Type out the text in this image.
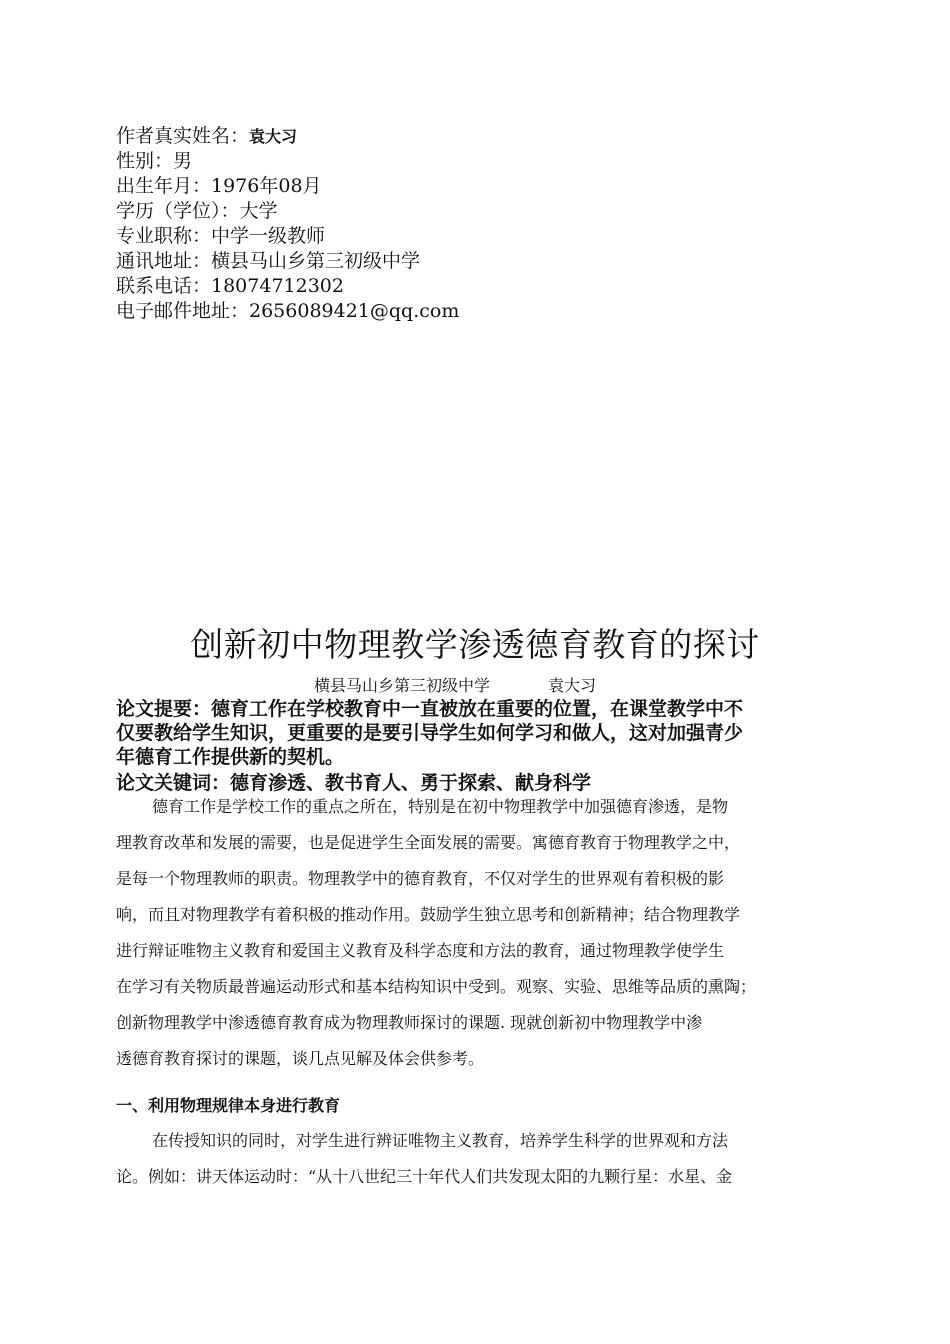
作者真实姓名：袁大习
性别：男
出生年月：1976年08月
学历（学位）：大学
专业职称：中学一级教师
通讯地址：横县马山乡第三初级中学
联系电话：18074712302
电子邮件地址：2656089421@qq.com
创新初中物理教学渗透德育教育的探讨
横县马山乡第三初级中学	袁大习
论文提要：德育工作在学校教育中一直被放在重要的位置，在课堂教学中不
仅要教给学生知识，更重要的是要引导学生如何学习和做人，这对加强青少
年德育工作提供新的契机。
论文关键词：德育渗透、教书育人、勇于探索、献身科学
德育工作是学校工作的重点之所在，特别是在初中物理教学中加强德育渗透，是物
理教育改革和发展的需要，也是促进学生全面发展的需要。寓德育教育于物理教学之中，
是每一个物理教师的职责。物理教学中的德育教育，不仅对学生的世界观有着积极的影
响，而且对物理教学有着积极的推动作用。鼓励学生独立思考和创新精神；结合物理教学
进行辩证唯物主义教育和爱国主义教育及科学态度和方法的教育，通过物理教学使学生
在学习有关物质最普遍运动形式和基本结构知识中受到。观察、实验、思维等品质的熏陶；
创新物理教学中渗透德育教育成为物理教师探讨的课题. 现就创新初中物理教学中渗
透德育教育探讨的课题，谈几点见解及体会供参考。
一、利用物理规律本身进行教育
在传授知识的同时，对学生进行辨证唯物主义教育，培养学生科学的世界观和方法
论。例如：讲天体运动时：“从十八世纪三十年代人们共发现太阳的九颗行星：水星、金
